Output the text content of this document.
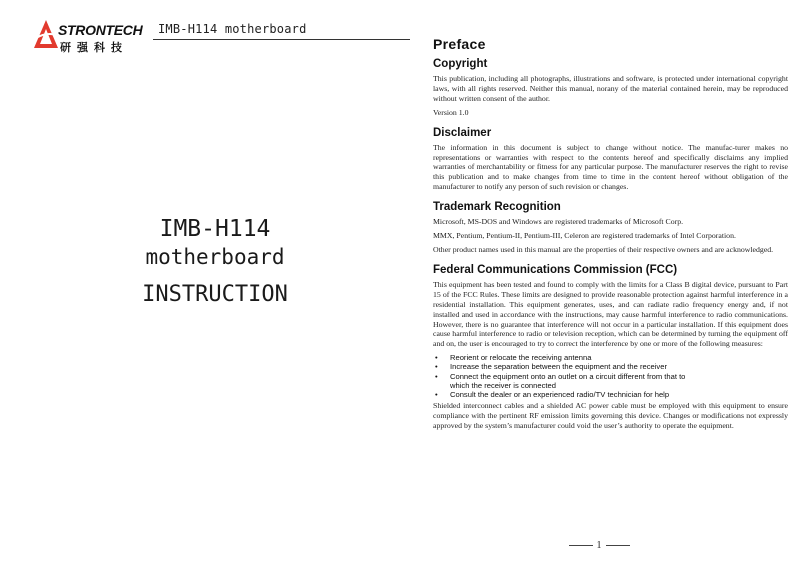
STRONTECH
研强科技
IMB-H114 motherboard
IMB-H114
motherboard
INSTRUCTION
Preface
Copyright

This publication, including all photographs, illustrations and software, is protected under international copyright laws, with all rights reserved. Neither this manual, norany of the material contained herein, may be reproduced without written consent of the author.

Version 1.0

Disclaimer

The information in this document is subject to change without notice. The manufac-turer makes no representations or warranties with respect to the contents hereof and specifically disclaims any implied warranties of merchantability or fitness for any particular purpose. The manufacturer reserves the right to revise this publication and to make changes from time to time in the content hereof without obligation of the manufacturer to notify any person of such revision or changes.

Trademark Recognition

Microsoft, MS-DOS and Windows are registered trademarks of Microsoft Corp.

MMX, Pentium, Pentium-II, Pentium-III, Celeron are registered trademarks of Intel Corporation.

Other product names used in this manual are the properties of their respective owners and are acknowledged.

Federal Communications Commission (FCC)

This equipment has been tested and found to comply with the limits for a Class B digital device, pursuant to Part 15 of the FCC Rules. These limits are designed to provide reasonable protection against harmful interference in a residential installation. This equipment generates, uses, and can radiate radio frequency energy and, if not installed and used in accordance with the instructions, may cause harmful interference to radio communications. However, there is no guarantee that interference will not occur in a particular installation. If this equipment does cause harmful interference to radio or television reception, which can be determined by turning the equipment off and on, the user is encouraged to try to correct the interference by one or more of the following measures:

• Reorient or relocate the receiving antenna
• Increase the separation between the equipment and the receiver
• Connect the equipment onto an outlet on a circuit different from that to
which the receiver is connected
• Consult the dealer or an experienced radio/TV technician for help

Shielded interconnect cables and a shielded AC power cable must be employed with this equipment to ensure compliance with the pertinent RF emission limits governing this device. Changes or modifications not expressly approved by the system’s manufacturer could void the user’s authority to operate the equipment.

1
